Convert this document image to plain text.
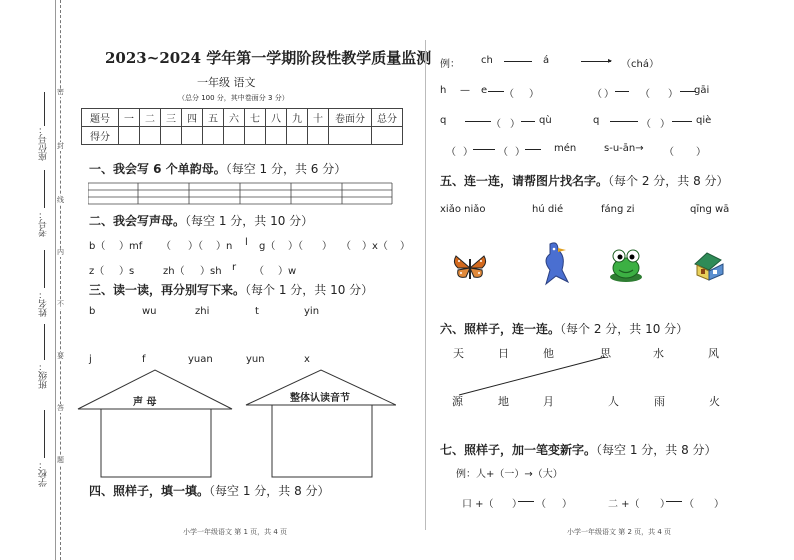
座位号：
考号：
姓名：
班级：
学校：
密
封
线
内
不
要
答
题
2023~2024 学年第一学期阶段性教学质量监测
一年级 语文
（总分 100 分，其中卷面分 3 分）
题号	一	二	三	四	五	六	七	八	九	十	卷面分	总分
得分												
一、我会写 6 个单韵母。（每空 1 分，共 6 分）
二、我会写声母。（每空 1 分，共 10 分）
b（ ）mf （ ）（ ）n l g（ ）（ ） （ ）x（ ）
z（ ）s	zh（ ）sh r （ ）w
三、读一读，再分别写下来。（每个 1 分，共 10 分）
b	wu	zhi	t	yin
j	f	yuan	yun	x
声 母	整体认读音节
四、照样子，填一填。（每空 1 分，共 8 分）
小学一年级语文 第 1 页，共 4 页
例： ch	á	▸ （chá）
h — e （ ）	（ ）	（ ） gāi
q	（ ） qù	q	（ ）	qiè
（ ）	（ ）	mén	s-u-ān→ （ ）
五、连一连，请帮图片找名字。（每个 2 分，共 8 分）
xiǎo niǎo	hú dié	fáng zi	qīng wā
六、照样子，连一连。（每个 2 分，共 10 分）
天	日	他	思	水	风
源	地	月	人	雨	火
七、照样子，加一笔变新字。（每空 1 分，共 8 分）
例：人+（一）→（大）
口 +（ ） （ ）	二 +（ ） （ ）
小学一年级语文 第 2 页，共 4 页
